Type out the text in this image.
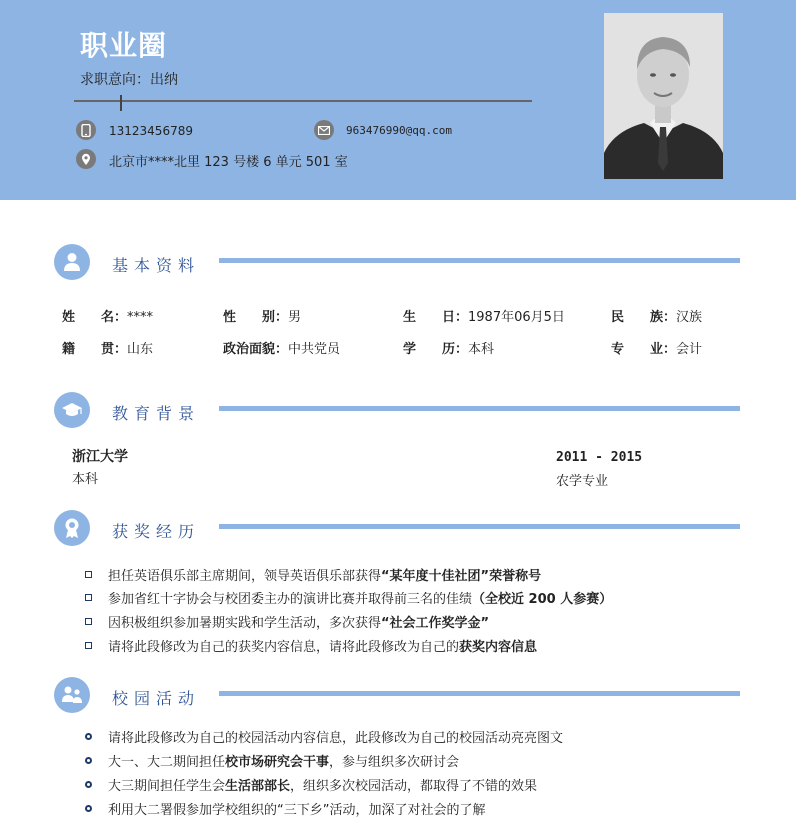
职业圈
求职意向：出纳
13123456789	963476990@qq.com
北京市****北里 123 号楼 6 单元 501 室
基本资料
姓　　名：****	性　　别：男	生　　日：1987年06月5日	民　　族：汉族
籍　　贯：山东	政治面貌：中共党员	学　　历：本科	专　　业：会计
教育背景
浙江大学
本科
2011 - 2015
农学专业
获奖经历
担任英语俱乐部主席期间，领导英语俱乐部获得“某年度十佳社团”荣誉称号
参加省红十字协会与校团委主办的演讲比赛并取得前三名的佳绩（全校近 200 人参赛）
因积极组织参加暑期实践和学生活动，多次获得“社会工作奖学金”
请将此段修改为自己的获奖内容信息，请将此段修改为自己的获奖内容信息
校园活动
请将此段修改为自己的校园活动内容信息，此段修改为自己的校园活动亮亮图文
大一、大二期间担任校市场研究会干事，参与组织多次研讨会
大三期间担任学生会生活部部长，组织多次校园活动，都取得了不错的效果
利用大二署假参加学校组织的“三下乡”活动，加深了对社会的了解
